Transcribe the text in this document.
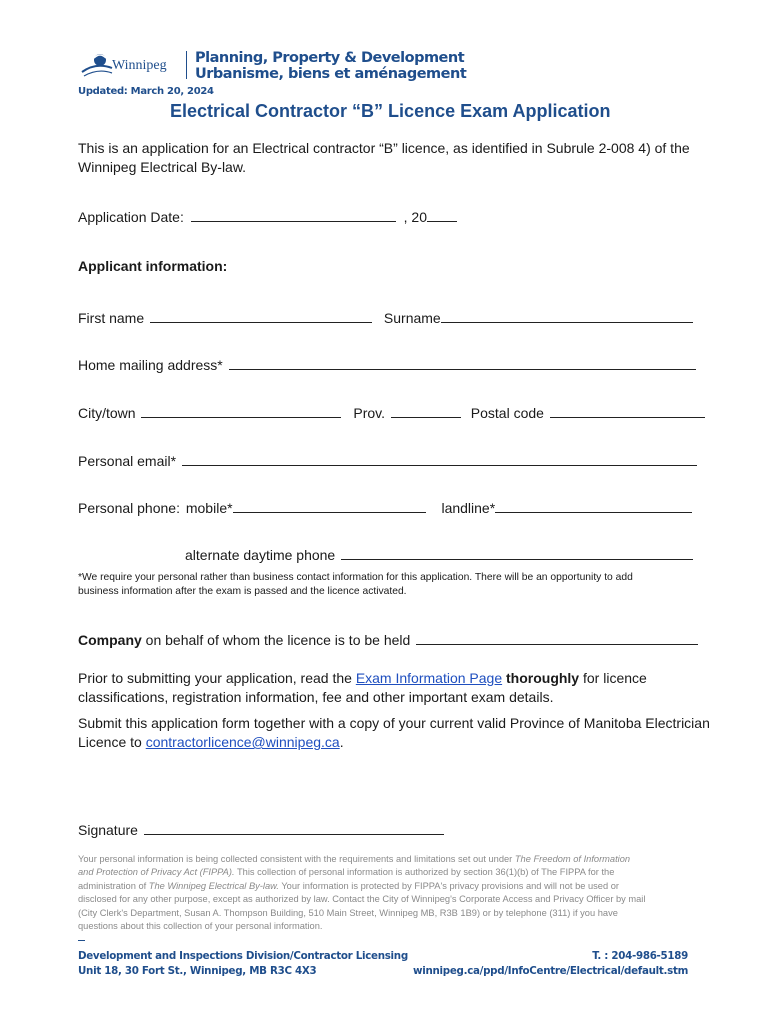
Winnipeg Planning, Property & Development
Urbanisme, biens et aménagement
Updated: March 20, 2024
Electrical Contractor “B” Licence Exam Application
This is an application for an Electrical contractor “B” licence, as identified in Subrule 2-008 4) of the
Winnipeg Electrical By-law.
Application Date:	, 20
Applicant information:
First name	Surname
Home mailing address*
City/town	Prov.	Postal code
Personal email*
Personal phone: mobile*	landline*
alternate daytime phone
*We require your personal rather than business contact information for this application. There will be an opportunity to add
business information after the exam is passed and the licence activated.
Company on behalf of whom the licence is to be held
Prior to submitting your application, read the Exam Information Page thoroughly for licence
classifications, registration information, fee and other important exam details.
Submit this application form together with a copy of your current valid Province of Manitoba Electrician
Licence to contractorlicence@winnipeg.ca.
Signature
Your personal information is being collected consistent with the requirements and limitations set out under The Freedom of Information
and Protection of Privacy Act (FIPPA). This collection of personal information is authorized by section 36(1)(b) of The FIPPA for the
administration of The Winnipeg Electrical By-law. Your information is protected by FIPPA's privacy provisions and will not be used or
disclosed for any other purpose, except as authorized by law. Contact the City of Winnipeg's Corporate Access and Privacy Officer by mail
(City Clerk's Department, Susan A. Thompson Building, 510 Main Street, Winnipeg MB, R3B 1B9) or by telephone (311) if you have
questions about this collection of your personal information.
Development and Inspections Division/Contractor Licensing
Unit 18, 30 Fort St., Winnipeg, MB R3C 4X3
T. : 204-986-5189
winnipeg.ca/ppd/InfoCentre/Electrical/default.stm
